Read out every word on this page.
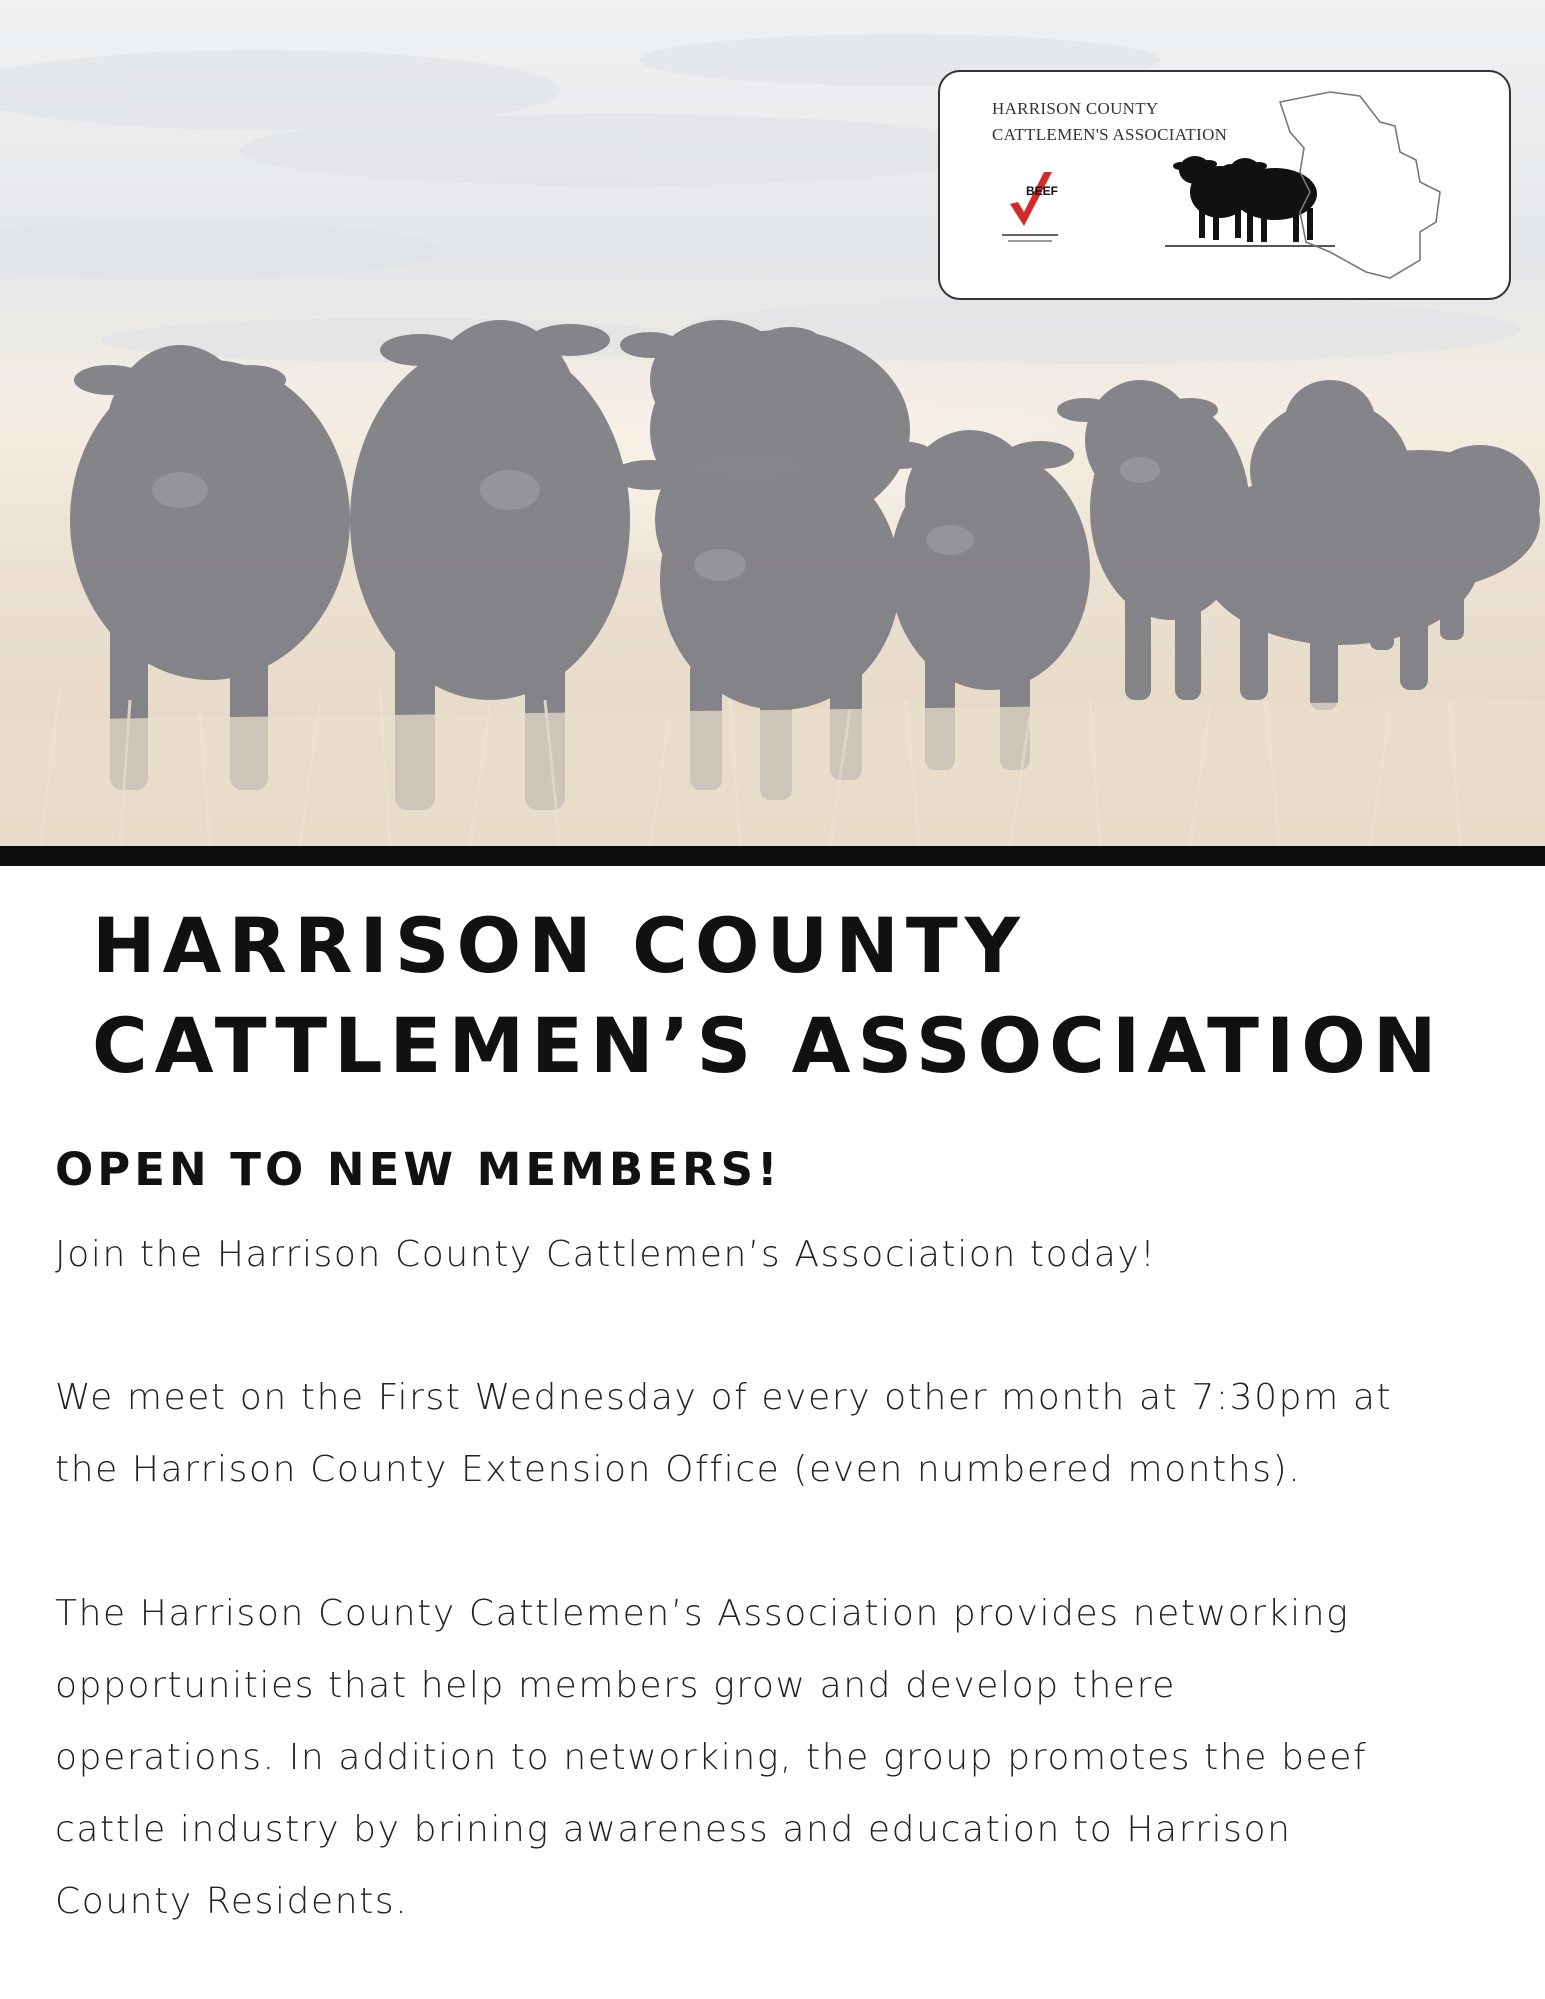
HARRISON COUNTY
CATTLEMEN'S ASSOCIATION
BEEF
HARRISON COUNTY
CATTLEMEN’S ASSOCIATION
OPEN TO NEW MEMBERS!

Join the Harrison County Cattlemen’s Association today!

We meet on the First Wednesday of every other month at 7:30pm at
the Harrison County Extension Office (even numbered months).

The Harrison County Cattlemen’s Association provides networking
opportunities that help members grow and develop there
operations. In addition to networking, the group promotes the beef
cattle industry by brining awareness and education to Harrison
County Residents.
